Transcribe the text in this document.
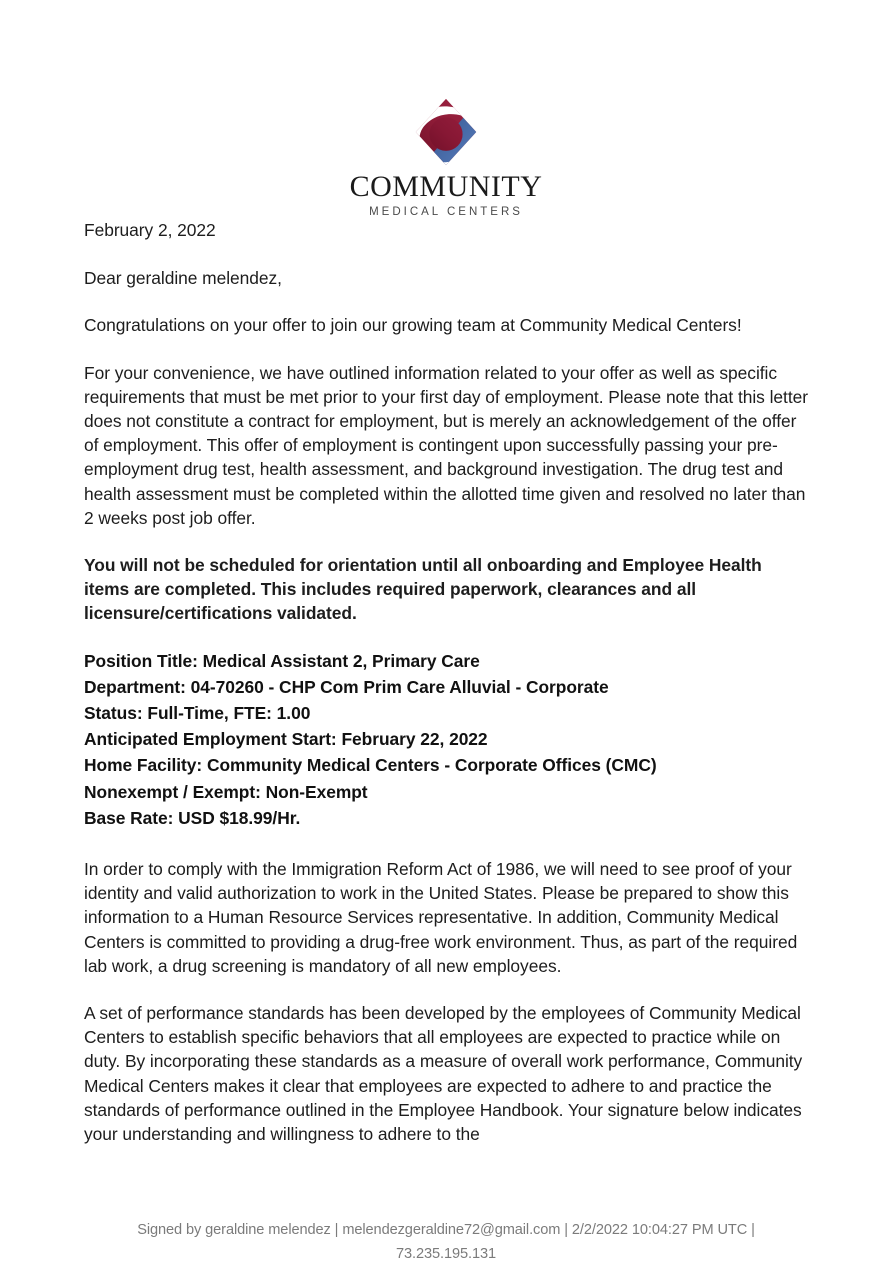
COMMUNITY
MEDICAL CENTERS

February 2, 2022

Dear geraldine melendez,

Congratulations on your offer to join our growing team at Community Medical Centers!

For your convenience, we have outlined information related to your offer as well as specific requirements that must be met prior to your first day of employment. Please note that this letter does not constitute a contract for employment, but is merely an acknowledgement of the offer of employment. This offer of employment is contingent upon successfully passing your pre-employment drug test, health assessment, and background investigation. The drug test and health assessment must be completed within the allotted time given and resolved no later than 2 weeks post job offer.

You will not be scheduled for orientation until all onboarding and Employee Health items are completed. This includes required paperwork, clearances and all licensure/certifications validated.

Position Title: Medical Assistant 2, Primary Care
Department: 04-70260 - CHP Com Prim Care Alluvial - Corporate
Status: Full-Time, FTE: 1.00
Anticipated Employment Start: February 22, 2022
Home Facility: Community Medical Centers - Corporate Offices (CMC)
Nonexempt / Exempt: Non-Exempt
Base Rate: USD $18.99/Hr.

In order to comply with the Immigration Reform Act of 1986, we will need to see proof of your identity and valid authorization to work in the United States. Please be prepared to show this information to a Human Resource Services representative. In addition, Community Medical Centers is committed to providing a drug-free work environment. Thus, as part of the required lab work, a drug screening is mandatory of all new employees.

A set of performance standards has been developed by the employees of Community Medical Centers to establish specific behaviors that all employees are expected to practice while on duty. By incorporating these standards as a measure of overall work performance, Community Medical Centers makes it clear that employees are expected to adhere to and practice the standards of performance outlined in the Employee Handbook. Your signature below indicates your understanding and willingness to adhere to the

Signed by geraldine melendez | melendezgeraldine72@gmail.com | 2/2/2022 10:04:27 PM UTC |
73.235.195.131
